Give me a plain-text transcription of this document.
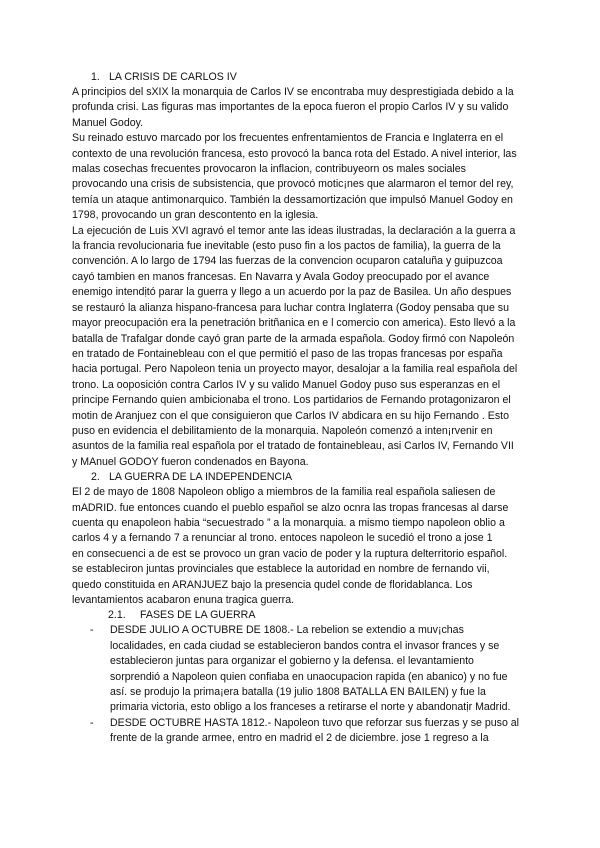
1. LA CRISIS DE CARLOS IV

A principios del sXIX la monarquia de Carlos IV se encontraba muy desprestigiada debido a la profunda crisi. Las figuras mas importantes de la epoca fueron el propio Carlos IV y su valido Manuel Godoy.

Su reinado estuvo marcado por los frecuentes enfrentamientos de Francia e Inglaterra en el contexto de una revolución francesa, esto provocó la banca rota del Estado. A nivel interior, las malas cosechas frecuentes provocaron la inflacion, contribuyeorn os males sociales provocando una crisis de subsistencia, que provocó motic¡nes que alarmaron el temor del rey, temía un ataque antimonarquico. También la dessamortización que impulsó Manuel Godoy en 1798, provocando un gran descontento en la iglesia.

La ejecución de Luis XVI agravó el temor ante las ideas ilustradas, la declaración a la guerra a la francia revolucionaria fue inevitable (esto puso fin a los pactos de familia), la guerra de la convención. A lo largo de 1794 las fuerzas de la convencion ocuparon cataluña y guipuzcoa cayó tambien en manos francesas. En Navarra y Avala Godoy preocupado por el avance enemigo intendịtó parar la guerra y llego a un acuerdo por la paz de Basilea. Un año despues se restauró la alianza hispano-francesa para luchar contra Inglaterra (Godoy pensaba que su mayor preocupación era la penetración britñanica en e l comercio con america). Esto llevó a la batalla de Trafalgar donde cayó gran parte de la armada española. Godoy firmó con Napoleón en tratado de Fontainebleau con el que permitió el paso de las tropas francesas por españa hacia portugal. Pero Napoleon tenia un proyecto mayor, desalojar a la familia real española del trono. La ooposición contra Carlos IV y su valido Manuel Godoy puso sus esperanzas en el principe Fernando quien ambicionaba el trono. Los partidarios de Fernando protagonizaron el motin de Aranjuez con el que consiguieron que Carlos IV abdicara en su hijo Fernando . Esto puso en evidencia el debilitamiento de la monarquia. Napoleón comenzó a inten¡rvenir en asuntos de la familia real española por el tratado de fontainebleau, asi Carlos IV, Fernando VII y MAnuel GODOY fueron condenados en Bayona.

2. LA GUERRA DE LA INDEPENDENCIA

El 2 de mayo de 1808 Napoleon obligo a miembros de la familia real española saliesen de mADRID. fue entonces cuando el pueblo español se alzo ocnra las tropas francesas al darse cuenta qu enapoleon habia “secuestrado ” a la monarquia. a mismo tiempo napoleon oblio a carlos 4 y a fernando 7 a renunciar al trono. entoces napoleon le sucedió el trono a jose 1

en consecuenci a de est se provoco un gran vacio de poder y la ruptura delterritorio español. se estableciron juntas provinciales que establece la autoridad en nombre de fernando vii, quedo constituida en ARANJUEZ bajo la presencia qudel conde de floridablanca. Los levantamientos acabaron enuna tragica guerra.

2.1. FASES DE LA GUERRA
-	DESDE JULIO A OCTUBRE DE 1808.- La rebelion se extendio a muv¡chas localidades, en cada ciudad se establecieron bandos contra el invasor frances y se establecieron juntas para organizar el gobierno y la defensa. el levantamiento sorprendió a Napoleon quien confiaba en unaocupacion rapida (en abanico) y no fue así. se produjo la prima¡era batalla (19 julio 1808 BATALLA EN BAILEN) y fue la primaria victoria, esto obligo a los franceses a retirarse el norte y abandonatịr Madrid.
-	DESDE OCTUBRE HASTA 1812.- Napoleon tuvo que reforzar sus fuerzas y se puso al frente de la grande armee, entro en madrid el 2 de diciembre. jose 1 regreso a la
